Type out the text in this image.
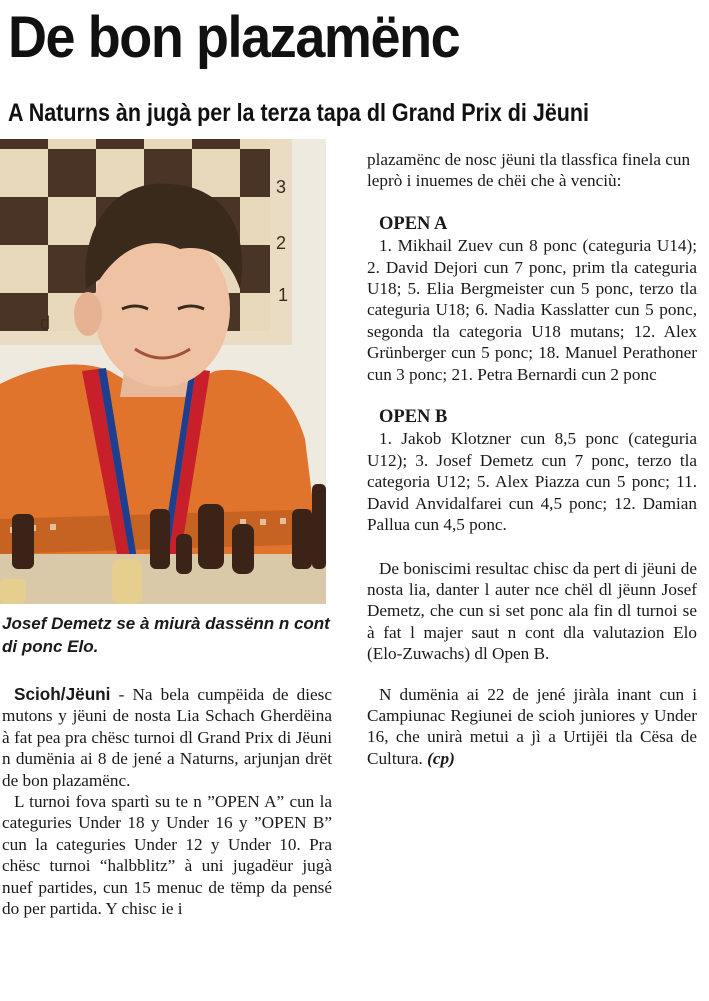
De bon plazamënc
A Naturns àn jugà per la terza tapa dl Grand Prix di Jëuni
3
2
1
d

Josef Demetz se à miurà dassënn n cont di ponc Elo.

Scioh/Jëuni - Na bela cumpëida de diesc mutons y jëuni de nosta Lia Schach Gherdëina à fat pea pra chësc turnoi dl Grand Prix di Jëuni n dumënia ai 8 de jené a Naturns, arjunjan drët de bon plazamënc.

L turnoi fova spartì su te n ”OPEN A” cun la categuries Under 18 y Under 16 y ”OPEN B” cun la categuries Under 12 y Under 10. Pra chësc turnoi “halbblitz” à uni jugadëur jugà nuef partides, cun 15 menuc de tëmp da pensé do per partida. Y chisc ie i

plazamënc de nosc jëuni tla tlassfica finela cun leprò i inuemes de chëi che à venciù:

OPEN A

1. Mikhail Zuev cun 8 ponc (categuria U14); 2. David Dejori cun 7 ponc, prim tla categuria U18; 5. Elia Bergmeister cun 5 ponc, terzo tla categuria U18; 6. Nadia Kasslatter cun 5 ponc, segonda tla categoria U18 mutans; 12. Alex Grünberger cun 5 ponc; 18. Manuel Perathoner cun 3 ponc; 21. Petra Bernardi cun 2 ponc

OPEN B

1. Jakob Klotzner cun 8,5 ponc (categuria U12); 3. Josef Demetz cun 7 ponc, terzo tla categoria U12; 5. Alex Piazza cun 5 ponc; 11. David Anvidalfarei cun 4,5 ponc; 12. Damian Pallua cun 4,5 ponc.

De boniscimi resultac chisc da pert di jëuni de nosta lia, danter l auter nce chël dl jëunn Josef Demetz, che cun si set ponc ala fin dl turnoi se à fat l majer saut n cont dla valutazion Elo (Elo-Zuwachs) dl Open B.

N dumënia ai 22 de jené jiràla inant cun i Campiunac Regiunei de scioh juniores y Under 16, che unirà metui a jì a Urtijëi tla Cësa de Cultura. (cp)
